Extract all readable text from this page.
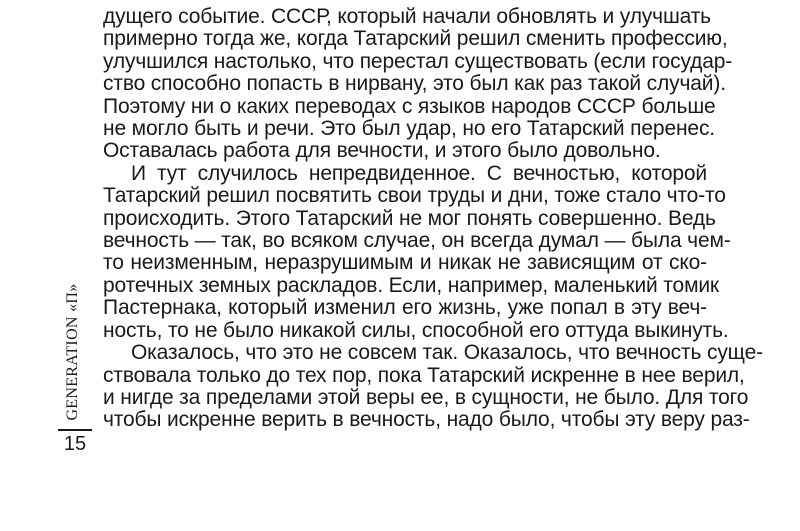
дущего событие. СССР, который начали обновлять и улучшать
примерно тогда же, когда Татарский решил сменить профессию,
улучшился настолько, что перестал существовать (если государ-
ство способно попасть в нирвану, это был как раз такой случай).
Поэтому ни о каких переводах с языков народов СССР больше
не могло быть и речи. Это был удар, но его Татарский перенес.
Оставалась работа для вечности, и этого было довольно.
И тут случилось непредвиденное. С вечностью, которой
Татарский решил посвятить свои труды и дни, тоже стало что-то
происходить. Этого Татарский не мог понять совершенно. Ведь
вечность — так, во всяком случае, он всегда думал — была чем-
то неизменным, неразрушимым и никак не зависящим от ско-
ротечных земных раскладов. Если, например, маленький томик
Пастернака, который изменил его жизнь, уже попал в эту веч-
ность, то не было никакой силы, способной его оттуда выкинуть.
Оказалось, что это не совсем так. Оказалось, что вечность суще-
ствовала только до тех пор, пока Татарский искренне в нее верил,
и нигде за пределами этой веры ее, в сущности, не было. Для того
чтобы искренне верить в вечность, надо было, чтобы эту веру раз-
GENERATION «П»
15
